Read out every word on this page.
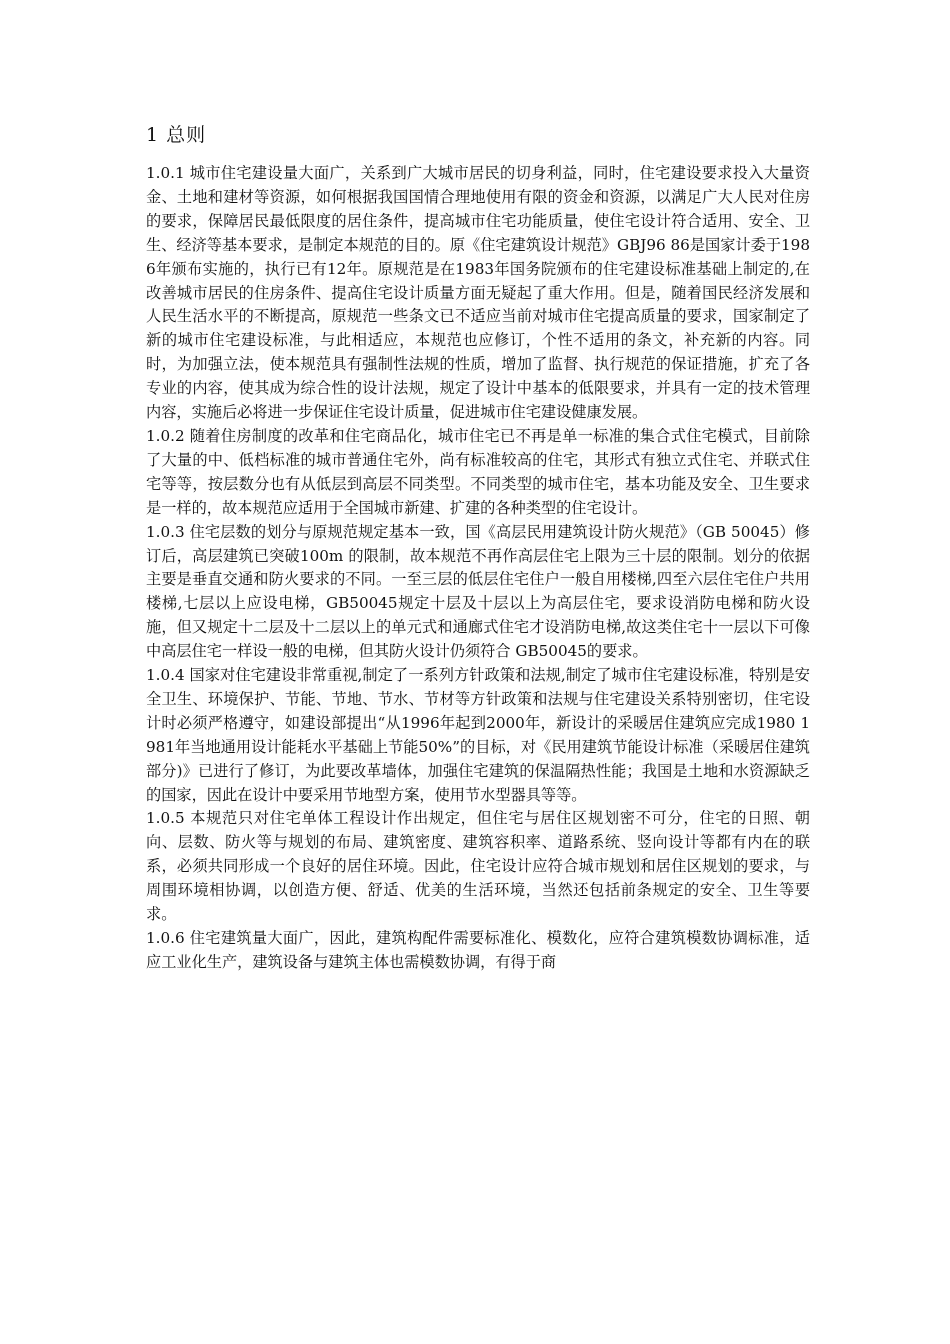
1 总则

1.0.1 城市住宅建设量大面广，关系到广大城市居民的切身利益，同时，住宅建设要求投入大量资金、土地和建材等资源，如何根据我国国情合理地使用有限的资金和资源，以满足广大人民对住房的要求，保障居民最低限度的居住条件，提高城市住宅功能质量，使住宅设计符合适用、安全、卫生、经济等基本要求，是制定本规范的目的。原《住宅建筑设计规范》GBJ96 86是国家计委于1986年颁布实施的，执行已有12年。原规范是在1983年国务院颁布的住宅建设标准基础上制定的,在改善城市居民的住房条件、提高住宅设计质量方面无疑起了重大作用。但是，随着国民经济发展和人民生活水平的不断提高，原规范一些条文已不适应当前对城市住宅提高质量的要求，国家制定了新的城市住宅建设标准，与此相适应，本规范也应修订，个性不适用的条文，补充新的内容。同时，为加强立法，使本规范具有强制性法规的性质，增加了监督、执行规范的保证措施，扩充了各专业的内容，使其成为综合性的设计法规，规定了设计中基本的低限要求，并具有一定的技术管理内容，实施后必将进一步保证住宅设计质量，促进城市住宅建设健康发展。

1.0.2 随着住房制度的改革和住宅商品化，城市住宅已不再是单一标准的集合式住宅模式，目前除了大量的中、低档标准的城市普通住宅外，尚有标准较高的住宅，其形式有独立式住宅、并联式住宅等等，按层数分也有从低层到高层不同类型。不同类型的城市住宅，基本功能及安全、卫生要求是一样的，故本规范应适用于全国城市新建、扩建的各种类型的住宅设计。

1.0.3 住宅层数的划分与原规范规定基本一致，国《高层民用建筑设计防火规范》（GB 50045）修订后，高层建筑已突破100m 的限制，故本规范不再作高层住宅上限为三十层的限制。划分的依据主要是垂直交通和防火要求的不同。一至三层的低层住宅住户一般自用楼梯,四至六层住宅住户共用楼梯,七层以上应设电梯，GB50045规定十层及十层以上为高层住宅，要求设消防电梯和防火设施，但又规定十二层及十二层以上的单元式和通廊式住宅才设消防电梯,故这类住宅十一层以下可像中高层住宅一样设一般的电梯，但其防火设计仍须符合 GB50045的要求。

1.0.4 国家对住宅建设非常重视,制定了一系列方针政策和法规,制定了城市住宅建设标准，特别是安全卫生、环境保护、节能、节地、节水、节材等方针政策和法规与住宅建设关系特别密切，住宅设计时必须严格遵守，如建设部提出“从1996年起到2000年，新设计的采暖居住建筑应完成1980 1981年当地通用设计能耗水平基础上节能50%”的目标，对《民用建筑节能设计标准（采暖居住建筑部分)》已进行了修订，为此要改革墙体，加强住宅建筑的保温隔热性能；我国是土地和水资源缺乏的国家，因此在设计中要采用节地型方案，使用节水型器具等等。

1.0.5 本规范只对住宅单体工程设计作出规定，但住宅与居住区规划密不可分，住宅的日照、朝向、层数、防火等与规划的布局、建筑密度、建筑容积率、道路系统、竖向设计等都有内在的联系，必须共同形成一个良好的居住环境。因此，住宅设计应符合城市规划和居住区规划的要求，与周围环境相协调，以创造方便、舒适、优美的生活环境，当然还包括前条规定的安全、卫生等要求。

1.0.6 住宅建筑量大面广，因此，建筑构配件需要标准化、模数化，应符合建筑模数协调标准，适应工业化生产，建筑设备与建筑主体也需模数协调，有得于商
